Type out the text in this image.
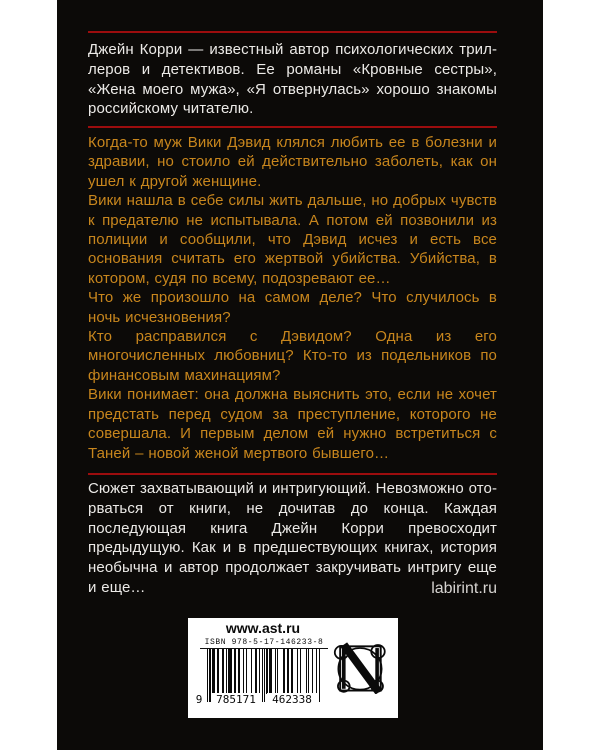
Джейн Корри — известный автор психологических триллеров и детективов. Ее романы «Кровные сестры», «Жена моего мужа», «Я отвернулась» хорошо знакомы российскому читателю.

Когда-то муж Вики Дэвид клялся любить ее в болезни и здравии, но стоило ей действительно заболеть, как он ушел к другой женщине.

Вики нашла в себе силы жить дальше, но добрых чувств к предателю не испытывала. А потом ей позвонили из полиции и сообщили, что Дэвид исчез и есть все основания считать его жертвой убийства. Убийства, в котором, судя по всему, подозревают ее…

Что же произошло на самом деле? Что случилось в ночь исчезновения?

Кто расправился с Дэвидом? Одна из его многочисленных любовниц? Кто-то из подельников по финансовым махинациям?

Вики понимает: она должна выяснить это, если не хочет предстать перед судом за преступление, которого не совершала. И первым делом ей нужно встретиться с Таней – новой женой мертвого бывшего…

Сюжет захватывающий и интригующий. Невозможно оторваться от книги, не дочитав до конца. Каждая последующая книга Джейн Корри превосходит предыдущую. Как и в предшествующих книгах, история необычна и автор продолжает закручивать интригу еще и еще…	labirint.ru
www.ast.ru
ISBN 978-5-17-146233-8
9	785171	462338
